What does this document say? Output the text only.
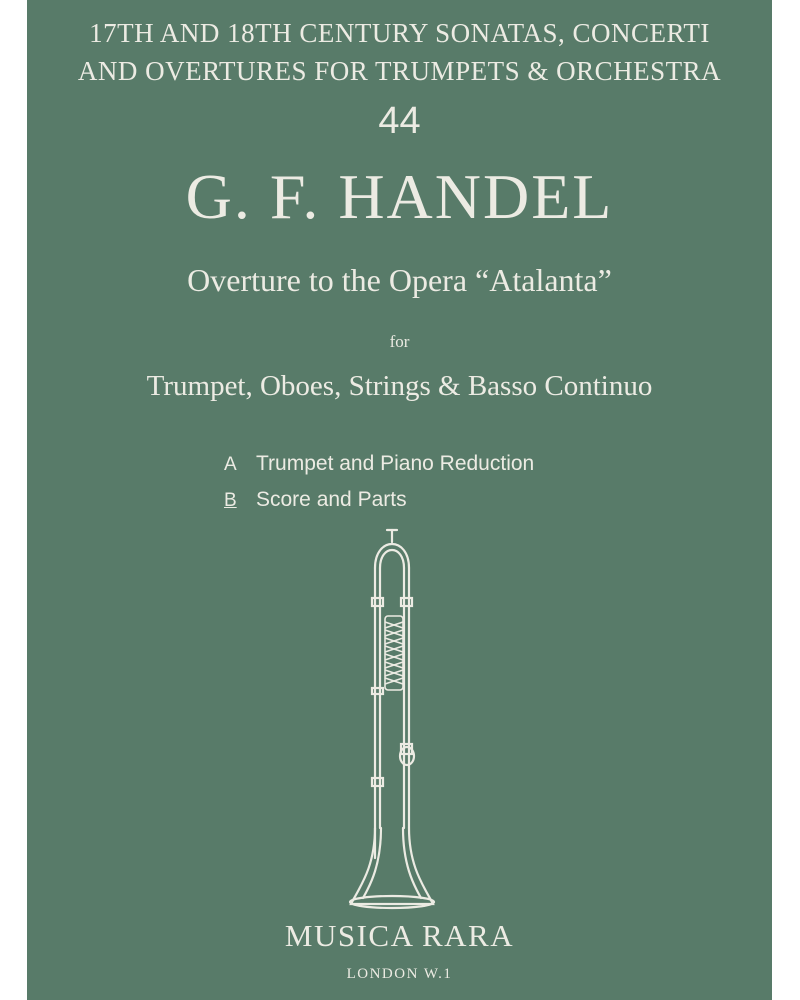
17TH AND 18TH CENTURY SONATAS, CONCERTI
AND OVERTURES FOR TRUMPETS & ORCHESTRA
44
G. F. HANDEL
Overture to the Opera “Atalanta”
for
Trumpet, Oboes, Strings & Basso Continuo
A Trumpet and Piano Reduction
B Score and Parts
MUSICA RARA
LONDON W.1
